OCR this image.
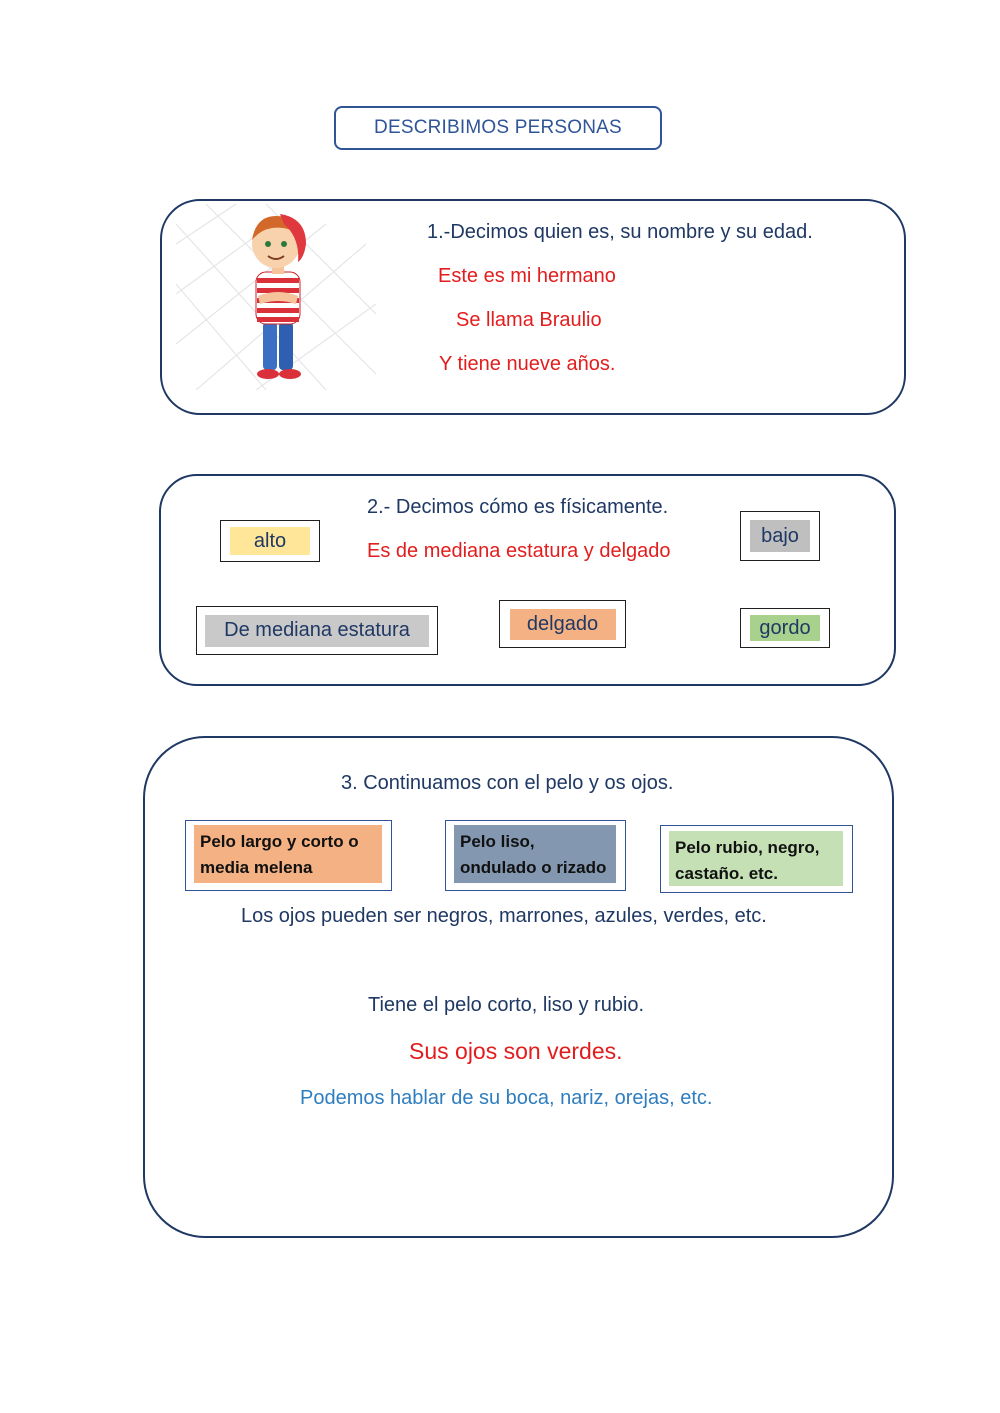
DESCRIBIMOS PERSONAS
1.-Decimos quien es, su nombre y su edad.
Este es mi hermano
Se llama Braulio
Y tiene nueve años.
2.- Decimos cómo es físicamente.
Es de mediana estatura y delgado
alto	bajo
De mediana estatura	delgado	gordo
3. Continuamos con el pelo y os ojos.
Pelo largo y corto o media melena
Pelo liso, ondulado o rizado
Pelo rubio, negro, castaño. etc.
Los ojos pueden ser negros, marrones, azules, verdes, etc.
Tiene el pelo corto, liso y rubio.
Sus ojos son verdes.
Podemos hablar de su boca, nariz, orejas, etc.
